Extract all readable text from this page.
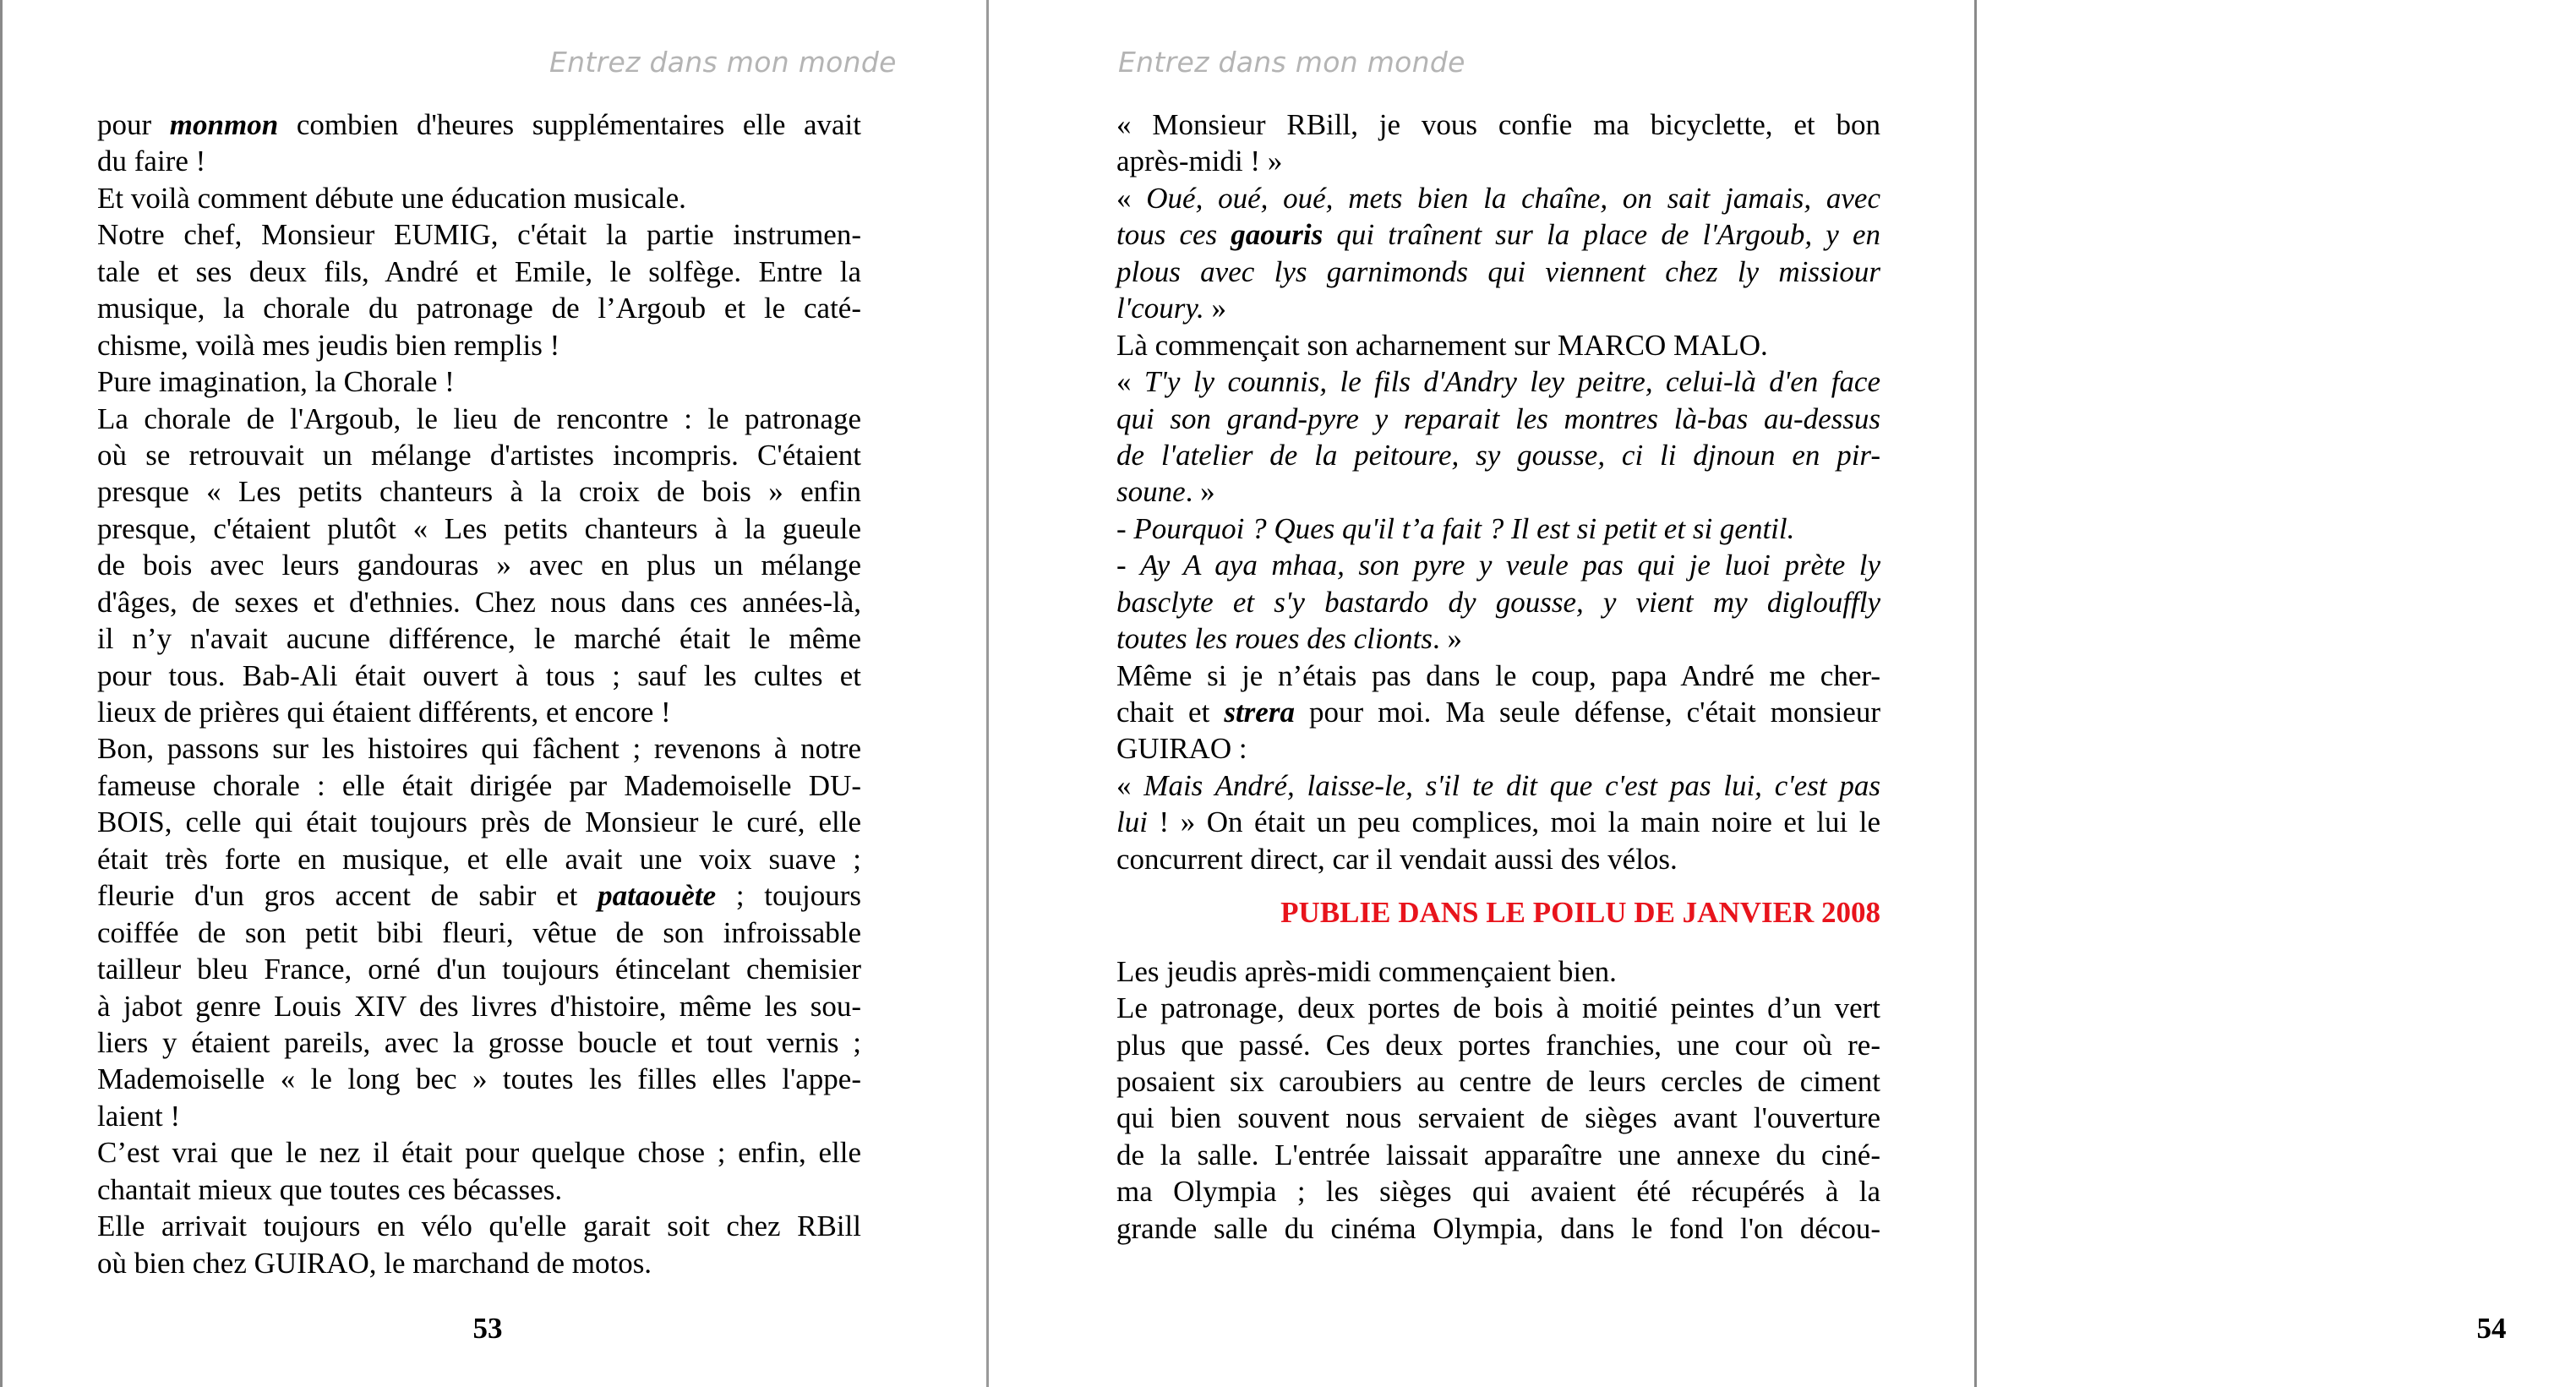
Entrez dans mon monde
53
pour monmon combien d'heures supplémentaires elle avait
du faire !
Et voilà comment débute une éducation musicale.
Notre chef, Monsieur EUMIG, c'était la partie instrumen-
tale et ses deux fils, André et Emile, le solfège. Entre la
musique, la chorale du patronage de l’Argoub et le caté-
chisme, voilà mes jeudis bien remplis !
Pure imagination, la Chorale !
La chorale de l'Argoub, le lieu de rencontre : le patronage
où se retrouvait un mélange d'artistes incompris. C'étaient
presque « Les petits chanteurs à la croix de bois » enfin
presque, c'étaient plutôt « Les petits chanteurs à la gueule
de bois avec leurs gandouras » avec en plus un mélange
d'âges, de sexes et d'ethnies. Chez nous dans ces années-là,
il n’y n'avait aucune différence, le marché était le même
pour tous. Bab-Ali était ouvert à tous ; sauf les cultes et
lieux de prières qui étaient différents, et encore !
Bon, passons sur les histoires qui fâchent ; revenons à notre
fameuse chorale : elle était dirigée par Mademoiselle DU-
BOIS, celle qui était toujours près de Monsieur le curé, elle
était très forte en musique, et elle avait une voix suave ;
fleurie d'un gros accent de sabir et pataouète ; toujours
coiffée de son petit bibi fleuri, vêtue de son infroissable
tailleur bleu France, orné d'un toujours étincelant chemisier
à jabot genre Louis XIV des livres d'histoire, même les sou-
liers y étaient pareils, avec la grosse boucle et tout vernis ;
Mademoiselle « le long bec » toutes les filles elles l'appe-
laient !
C’est vrai que le nez il était pour quelque chose ; enfin, elle
chantait mieux que toutes ces bécasses.
Elle arrivait toujours en vélo qu'elle garait soit chez RBill
où bien chez GUIRAO, le marchand de motos.
Entrez dans mon monde
54
« Monsieur RBill, je vous confie ma bicyclette, et bon
après-midi ! »
« Oué, oué, oué, mets bien la chaîne, on sait jamais, avec
tous ces gaouris qui traînent sur la place de l'Argoub, y en
plous avec lys garnimonds qui viennent chez ly missiour
l'coury. »
Là commençait son acharnement sur MARCO MALO.
« T'y ly counnis, le fils d'Andry ley peitre, celui-là d'en face
qui son grand-pyre y reparait les montres là-bas au-dessus
de l'atelier de la peitoure, sy gousse, ci li djnoun en pir-
soune. »
- Pourquoi ? Ques qu'il t’a fait ? Il est si petit et si gentil.
- Ay A aya mhaa, son pyre y veule pas qui je luoi prète ly
basclyte et s'y bastardo dy gousse, y vient my diglouffly
toutes les roues des clionts. »
Même si je n’étais pas dans le coup, papa André me cher-
chait et strera pour moi. Ma seule défense, c'était monsieur
GUIRAO :
« Mais André, laisse-le, s'il te dit que c'est pas lui, c'est pas
lui ! » On était un peu complices, moi la main noire et lui le
concurrent direct, car il vendait aussi des vélos.
PUBLIE DANS LE POILU DE JANVIER 2008
Les jeudis après-midi commençaient bien.
Le patronage, deux portes de bois à moitié peintes d’un vert
plus que passé. Ces deux portes franchies, une cour où re-
posaient six caroubiers au centre de leurs cercles de ciment
qui bien souvent nous servaient de sièges avant l'ouverture
de la salle. L'entrée laissait apparaître une annexe du ciné-
ma Olympia ; les sièges qui avaient été récupérés à la
grande salle du cinéma Olympia, dans le fond l'on décou-
